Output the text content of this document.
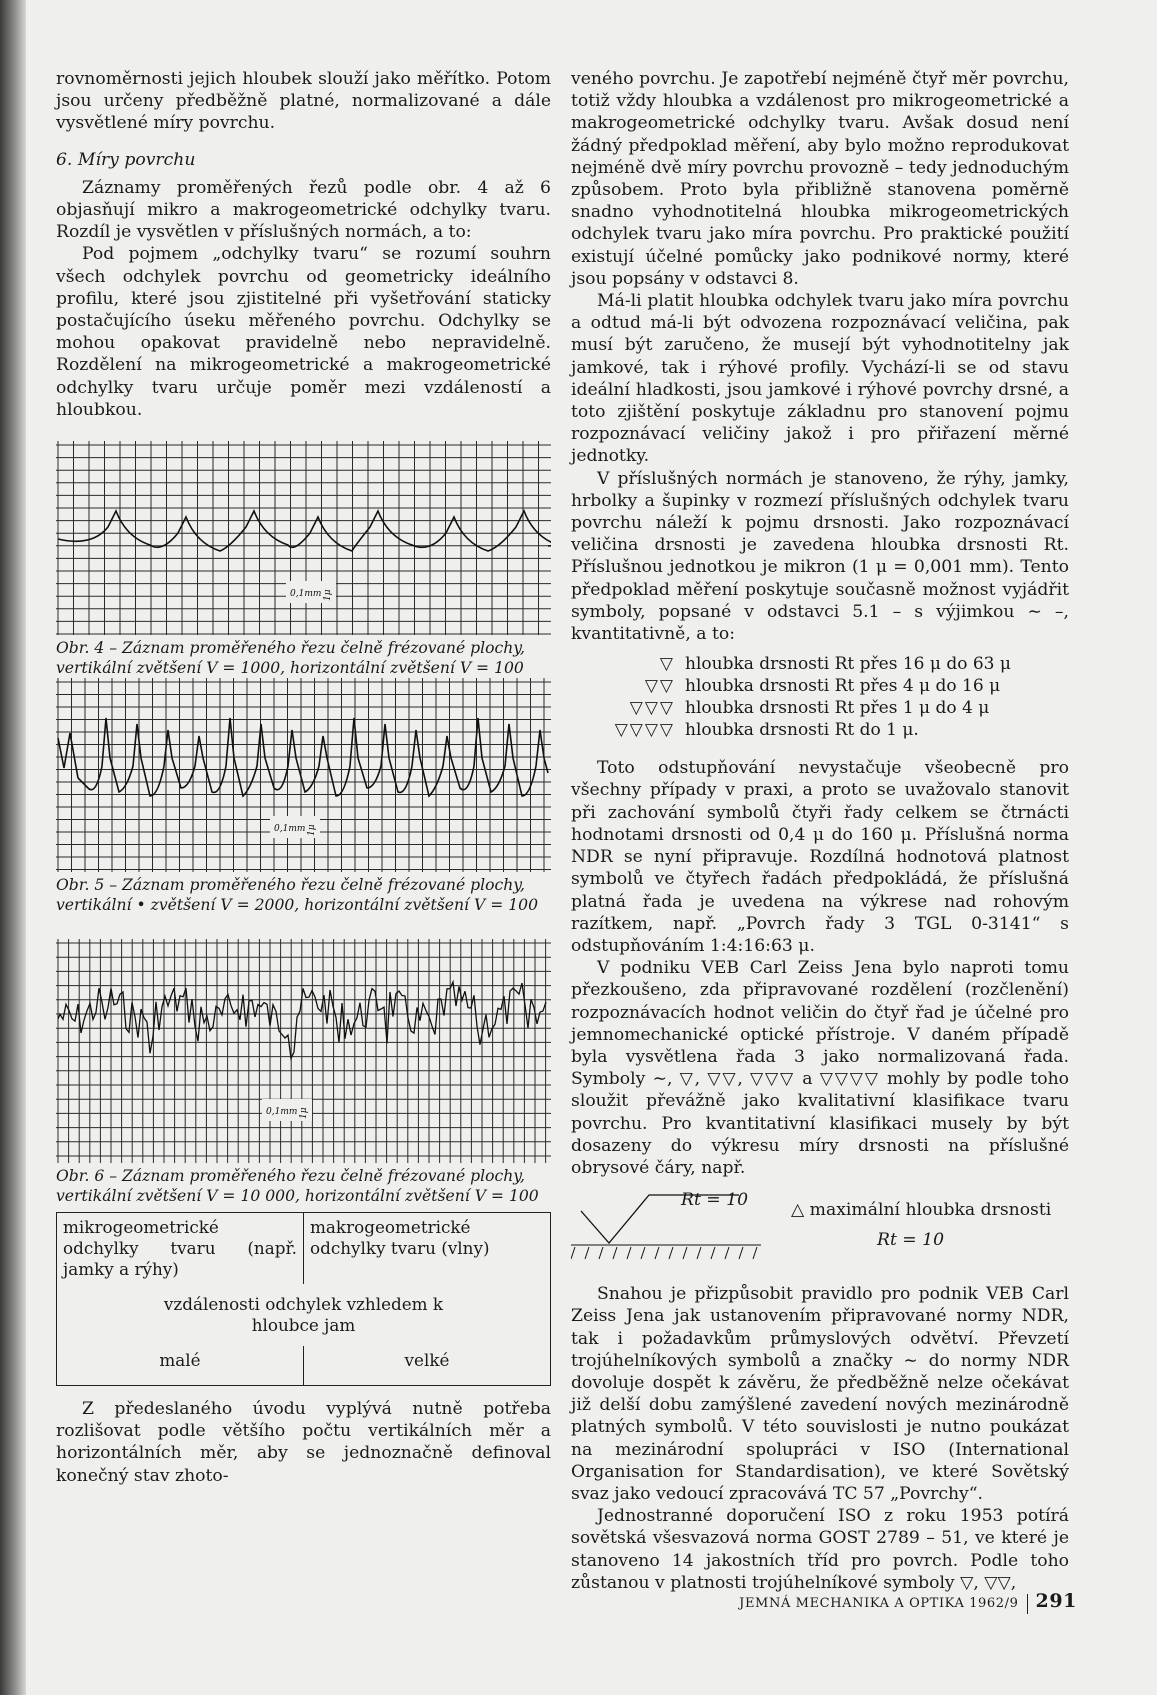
rovnoměrnosti jejich hloubek slouží jako měřítko. Potom jsou určeny předběžně platné, normalizované a dále vysvětlené míry povrchu.

6. Míry povrchu

Záznamy proměřených řezů podle obr. 4 až 6 objasňují mikro a makrogeometrické odchylky tvaru. Rozdíl je vysvětlen v příslušných normách, a to:

Pod pojmem „odchylky tvaru“ se rozumí souhrn všech odchylek povrchu od geometricky ideálního profilu, které jsou zjistitelné při vyšetřování staticky postačujícího úseku měřeného povrchu. Odchylky se mohou opakovat pravidelně nebo nepravidelně. Rozdělení na mikrogeometrické a makrogeometrické odchylky tvaru určuje poměr mezi vzdáleností a hloubkou.

0,1mm 1μ

Obr. 4 – Záznam proměřeného řezu čelně frézované plochy, vertikální zvětšení V = 1000, horizontální zvětšení V = 100

0,1mm 1μ

Obr. 5 – Záznam proměřeného řezu čelně frézované plochy, vertikální • zvětšení V = 2000, horizontální zvětšení V = 100

0,1mm 1μ

Obr. 6 – Záznam proměřeného řezu čelně frézované plochy, vertikální zvětšení V = 10 000, horizontální zvětšení V = 100

mikrogeometrické odchylky tvaru (např. jamky a rýhy)	makrogeometrické odchylky tvaru (vlny)
vzdálenosti odchylek vzhledem k hloubce jam	
malé	velké

Z předeslaného úvodu vyplývá nutně potřeba rozlišovat podle většího počtu vertikálních měr a horizontálních měr, aby se jednoznačně definoval konečný stav zhoto-

veného povrchu. Je zapotřebí nejméně čtyř měr povrchu, totiž vždy hloubka a vzdálenost pro mikrogeometrické a makrogeometrické odchylky tvaru. Avšak dosud není žádný předpoklad měření, aby bylo možno reprodukovat nejméně dvě míry povrchu provozně – tedy jednoduchým způsobem. Proto byla přibližně stanovena poměrně snadno vyhodnotitelná hloubka mikrogeometrických odchylek tvaru jako míra povrchu. Pro praktické použití existují účelné pomůcky jako podnikové normy, které jsou popsány v odstavci 8.

Má-li platit hloubka odchylek tvaru jako míra povrchu a odtud má-li být odvozena rozpoznávací veličina, pak musí být zaručeno, že musejí být vyhodnotitelny jak jamkové, tak i rýhové profily. Vychází-li se od stavu ideální hladkosti, jsou jamkové i rýhové povrchy drsné, a toto zjištění poskytuje základnu pro stanovení pojmu rozpoznávací veličiny jakož i pro přiřazení měrné jednotky.

V příslušných normách je stanoveno, že rýhy, jamky, hrbolky a šupinky v rozmezí příslušných odchylek tvaru povrchu náleží k pojmu drsnosti. Jako rozpoznávací veličina drsnosti je zavedena hloubka drsnosti Rt. Příslušnou jednotkou je mikron (1 μ = 0,001 mm). Tento předpoklad měření poskytuje současně možnost vyjádřit symboly, popsané v odstavci 5.1 – s výjimkou ∼ –, kvantitativně, a to:

▽ hloubka drsnosti Rt přes 16 μ do 63 μ
▽▽ hloubka drsnosti Rt přes 4 μ do 16 μ
▽▽▽ hloubka drsnosti Rt přes 1 μ do 4 μ
▽▽▽▽ hloubka drsnosti Rt do 1 μ.

Toto odstupňování nevystačuje všeobecně pro všechny případy v praxi, a proto se uvažovalo stanovit při zachování symbolů čtyři řady celkem se čtrnácti hodnotami drsnosti od 0,4 μ do 160 μ. Příslušná norma NDR se nyní připravuje. Rozdílná hodnotová platnost symbolů ve čtyřech řadách předpokládá, že příslušná platná řada je uvedena na výkrese nad rohovým razítkem, např. „Povrch řady 3 TGL 0-3141“ s odstupňováním 1:4:16:63 μ.

V podniku VEB Carl Zeiss Jena bylo naproti tomu přezkoušeno, zda připravované rozdělení (rozčlenění) rozpoznávacích hodnot veličin do čtyř řad je účelné pro jemnomechanické optické přístroje. V daném případě byla vysvětlena řada 3 jako normalizovaná řada. Symboly ∼, ▽, ▽▽, ▽▽▽ a ▽▽▽▽ mohly by podle toho sloužit převážně jako kvalitativní klasifikace tvaru povrchu. Pro kvantitativní klasifikaci musely by být dosazeny do výkresu míry drsnosti na příslušné obrysové čáry, např.

Rt = 10 △ maximální hloubka drsnosti
Rt = 10

Snahou je přizpůsobit pravidlo pro podnik VEB Carl Zeiss Jena jak ustanovením připravované normy NDR, tak i požadavkům průmyslových odvětví. Převzetí trojúhelníkových symbolů a značky ∼ do normy NDR dovoluje dospět k závěru, že předběžně nelze očekávat již delší dobu zamýšlené zavedení nových mezinárodně platných symbolů. V této souvislosti je nutno poukázat na mezinárodní spolupráci v ISO (International Organisation for Standardisation), ve které Sovětský svaz jako vedoucí zpracovává TC 57 „Povrchy“.

Jednostranné doporučení ISO z roku 1953 potírá sovětská všesvazová norma GOST 2789 – 51, ve které je stanoveno 14 jakostních tříd pro povrch. Podle toho zůstanou v platnosti trojúhelníkové symboly ▽, ▽▽,

JEMNÁ MECHANIKA A OPTIKA 1962/9 291
